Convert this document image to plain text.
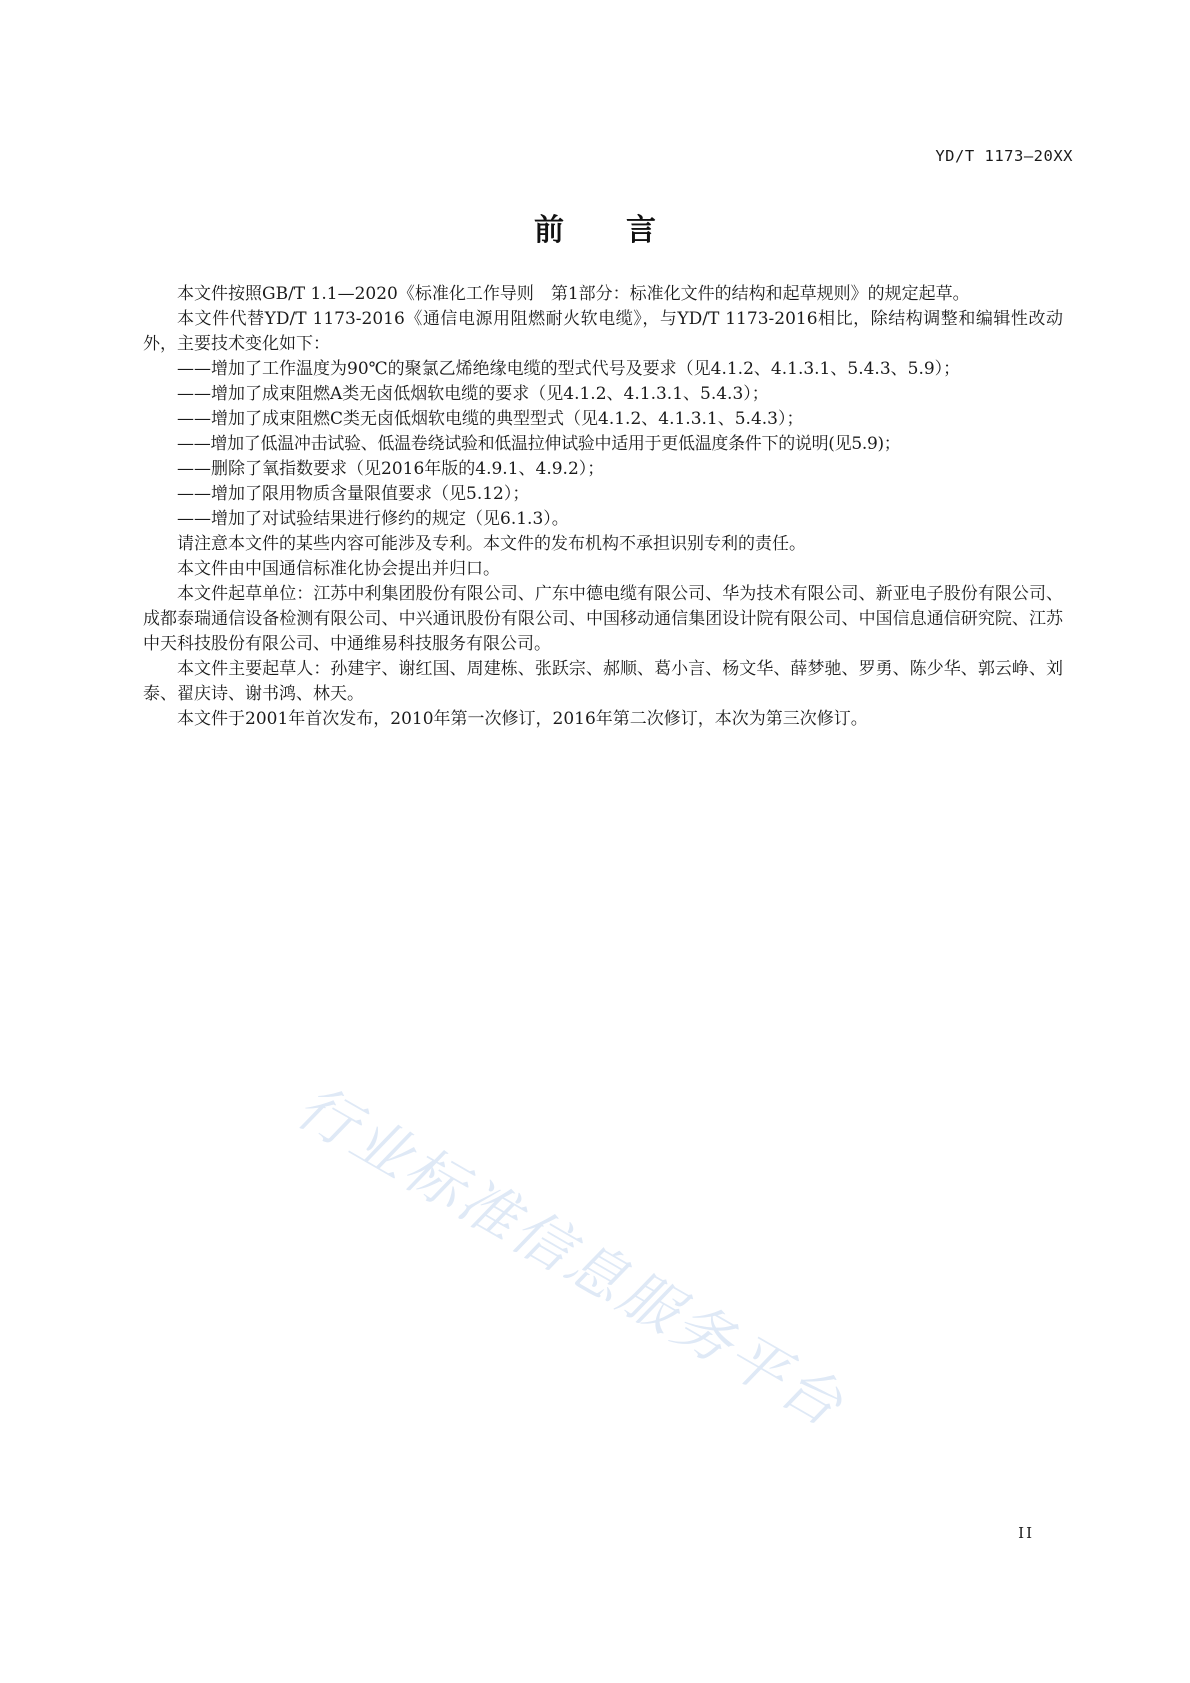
YD/T 1173—20XX
前言

本文件按照GB/T 1.1—2020《标准化工作导则　第1部分：标准化文件的结构和起草规则》的规定起草。

本文件代替YD/T 1173-2016《通信电源用阻燃耐火软电缆》，与YD/T 1173-2016相比，除结构调整和编辑性改动外，主要技术变化如下：

——增加了工作温度为90℃的聚氯乙烯绝缘电缆的型式代号及要求（见4.1.2、4.1.3.1、5.4.3、5.9）；

——增加了成束阻燃A类无卤低烟软电缆的要求（见4.1.2、4.1.3.1、5.4.3）；

——增加了成束阻燃C类无卤低烟软电缆的典型型式（见4.1.2、4.1.3.1、5.4.3）；

——增加了低温冲击试验、低温卷绕试验和低温拉伸试验中适用于更低温度条件下的说明(见5.9)；

——删除了氧指数要求（见2016年版的4.9.1、4.9.2）；

——增加了限用物质含量限值要求（见5.12）；

——增加了对试验结果进行修约的规定（见6.1.3）。

请注意本文件的某些内容可能涉及专利。本文件的发布机构不承担识别专利的责任。

本文件由中国通信标准化协会提出并归口。

本文件起草单位：江苏中利集团股份有限公司、广东中德电缆有限公司、华为技术有限公司、新亚电子股份有限公司、成都泰瑞通信设备检测有限公司、中兴通讯股份有限公司、中国移动通信集团设计院有限公司、中国信息通信研究院、江苏中天科技股份有限公司、中通维易科技服务有限公司。

本文件主要起草人：孙建宇、谢红国、周建栋、张跃宗、郝顺、葛小言、杨文华、薛梦驰、罗勇、陈少华、郭云峥、刘泰、翟庆诗、谢书鸿、林天。

本文件于2001年首次发布，2010年第一次修订，2016年第二次修订，本次为第三次修订。

行业标准信息服务平台
II
